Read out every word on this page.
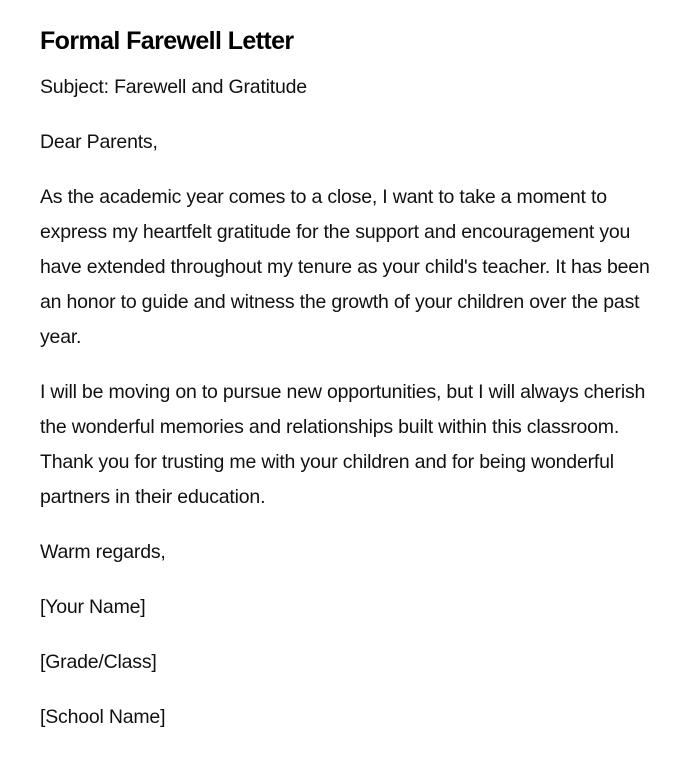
Formal Farewell Letter

Subject: Farewell and Gratitude

Dear Parents,

As the academic year comes to a close, I want to take a moment to express my heartfelt gratitude for the support and encouragement you have extended throughout my tenure as your child's teacher. It has been an honor to guide and witness the growth of your children over the past year.

I will be moving on to pursue new opportunities, but I will always cherish the wonderful memories and relationships built within this classroom. Thank you for trusting me with your children and for being wonderful partners in their education.

Warm regards,

[Your Name]

[Grade/Class]

[School Name]
